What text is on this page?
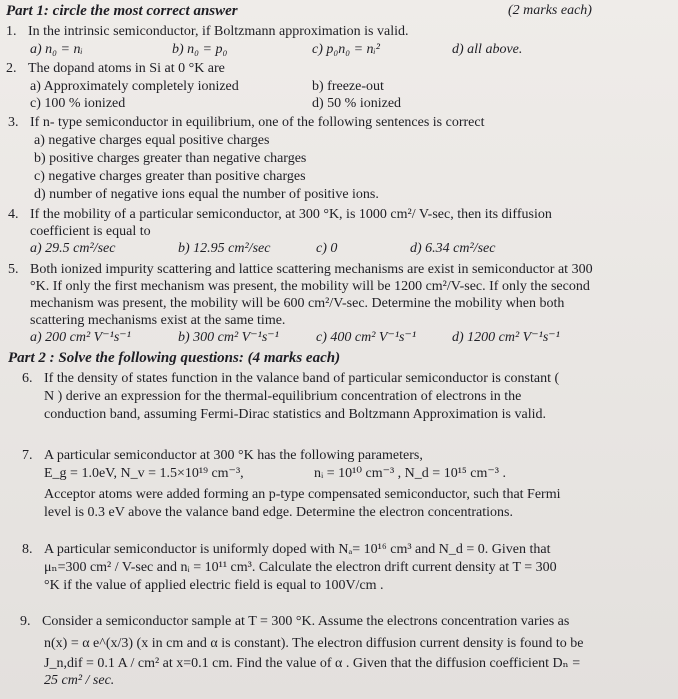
Part 1: circle the most correct answer	(2 marks each)
1. In the intrinsic semiconductor, if Boltzmann approximation is valid.
a) n₀ = nᵢ	b) n₀ = p₀	c) p₀n₀ = nᵢ²	d) all above.
2. The dopand atoms in Si at 0 °K are
a) Approximately completely ionized	b) freeze-out
c) 100 % ionized	d) 50 % ionized
3. If n- type semiconductor in equilibrium, one of the following sentences is correct
a) negative charges equal positive charges
b) positive charges greater than negative charges
c) negative charges greater than positive charges
d) number of negative ions equal the number of positive ions.
4. If the mobility of a particular semiconductor, at 300 °K, is 1000 cm²/ V-sec, then its diffusion
coefficient is equal to
a) 29.5 cm²/sec	b) 12.95 cm²/sec	c) 0	d) 6.34 cm²/sec
5. Both ionized impurity scattering and lattice scattering mechanisms are exist in semiconductor at 300
°K. If only the first mechanism was present, the mobility will be 1200 cm²/V-sec. If only the second
mechanism was present, the mobility will be 600 cm²/V-sec. Determine the mobility when both
scattering mechanisms exist at the same time.
a) 200 cm² V⁻¹s⁻¹	b) 300 cm² V⁻¹s⁻¹	c) 400 cm² V⁻¹s⁻¹	d) 1200 cm² V⁻¹s⁻¹
Part 2 : Solve the following questions: (4 marks each)
6. If the density of states function in the valance band of particular semiconductor is constant (
N ) derive an expression for the thermal-equilibrium concentration of electrons in the
conduction band, assuming Fermi-Dirac statistics and Boltzmann Approximation is valid.
7. A particular semiconductor at 300 °K has the following parameters,
E_g = 1.0eV, N_v = 1.5×10¹⁹ cm⁻³,	nᵢ = 10¹⁰ cm⁻³ , N_d = 10¹⁵ cm⁻³ .
Acceptor atoms were added forming an p-type compensated semiconductor, such that Fermi
level is 0.3 eV above the valance band edge. Determine the electron concentrations.
8. A particular semiconductor is uniformly doped with Nₐ= 10¹⁶ cm³ and N_d = 0. Given that
μₙ=300 cm² / V-sec and nᵢ = 10¹¹ cm³. Calculate the electron drift current density at T = 300
°K if the value of applied electric field is equal to 100V/cm .
9. Consider a semiconductor sample at T = 300 °K. Assume the electrons concentration varies as
n(x) = α e^(x/3) (x in cm and α is constant). The electron diffusion current density is found to be
J_n,dif = 0.1 A / cm² at x=0.1 cm. Find the value of α . Given that the diffusion coefficient Dₙ =
25 cm² / sec.
